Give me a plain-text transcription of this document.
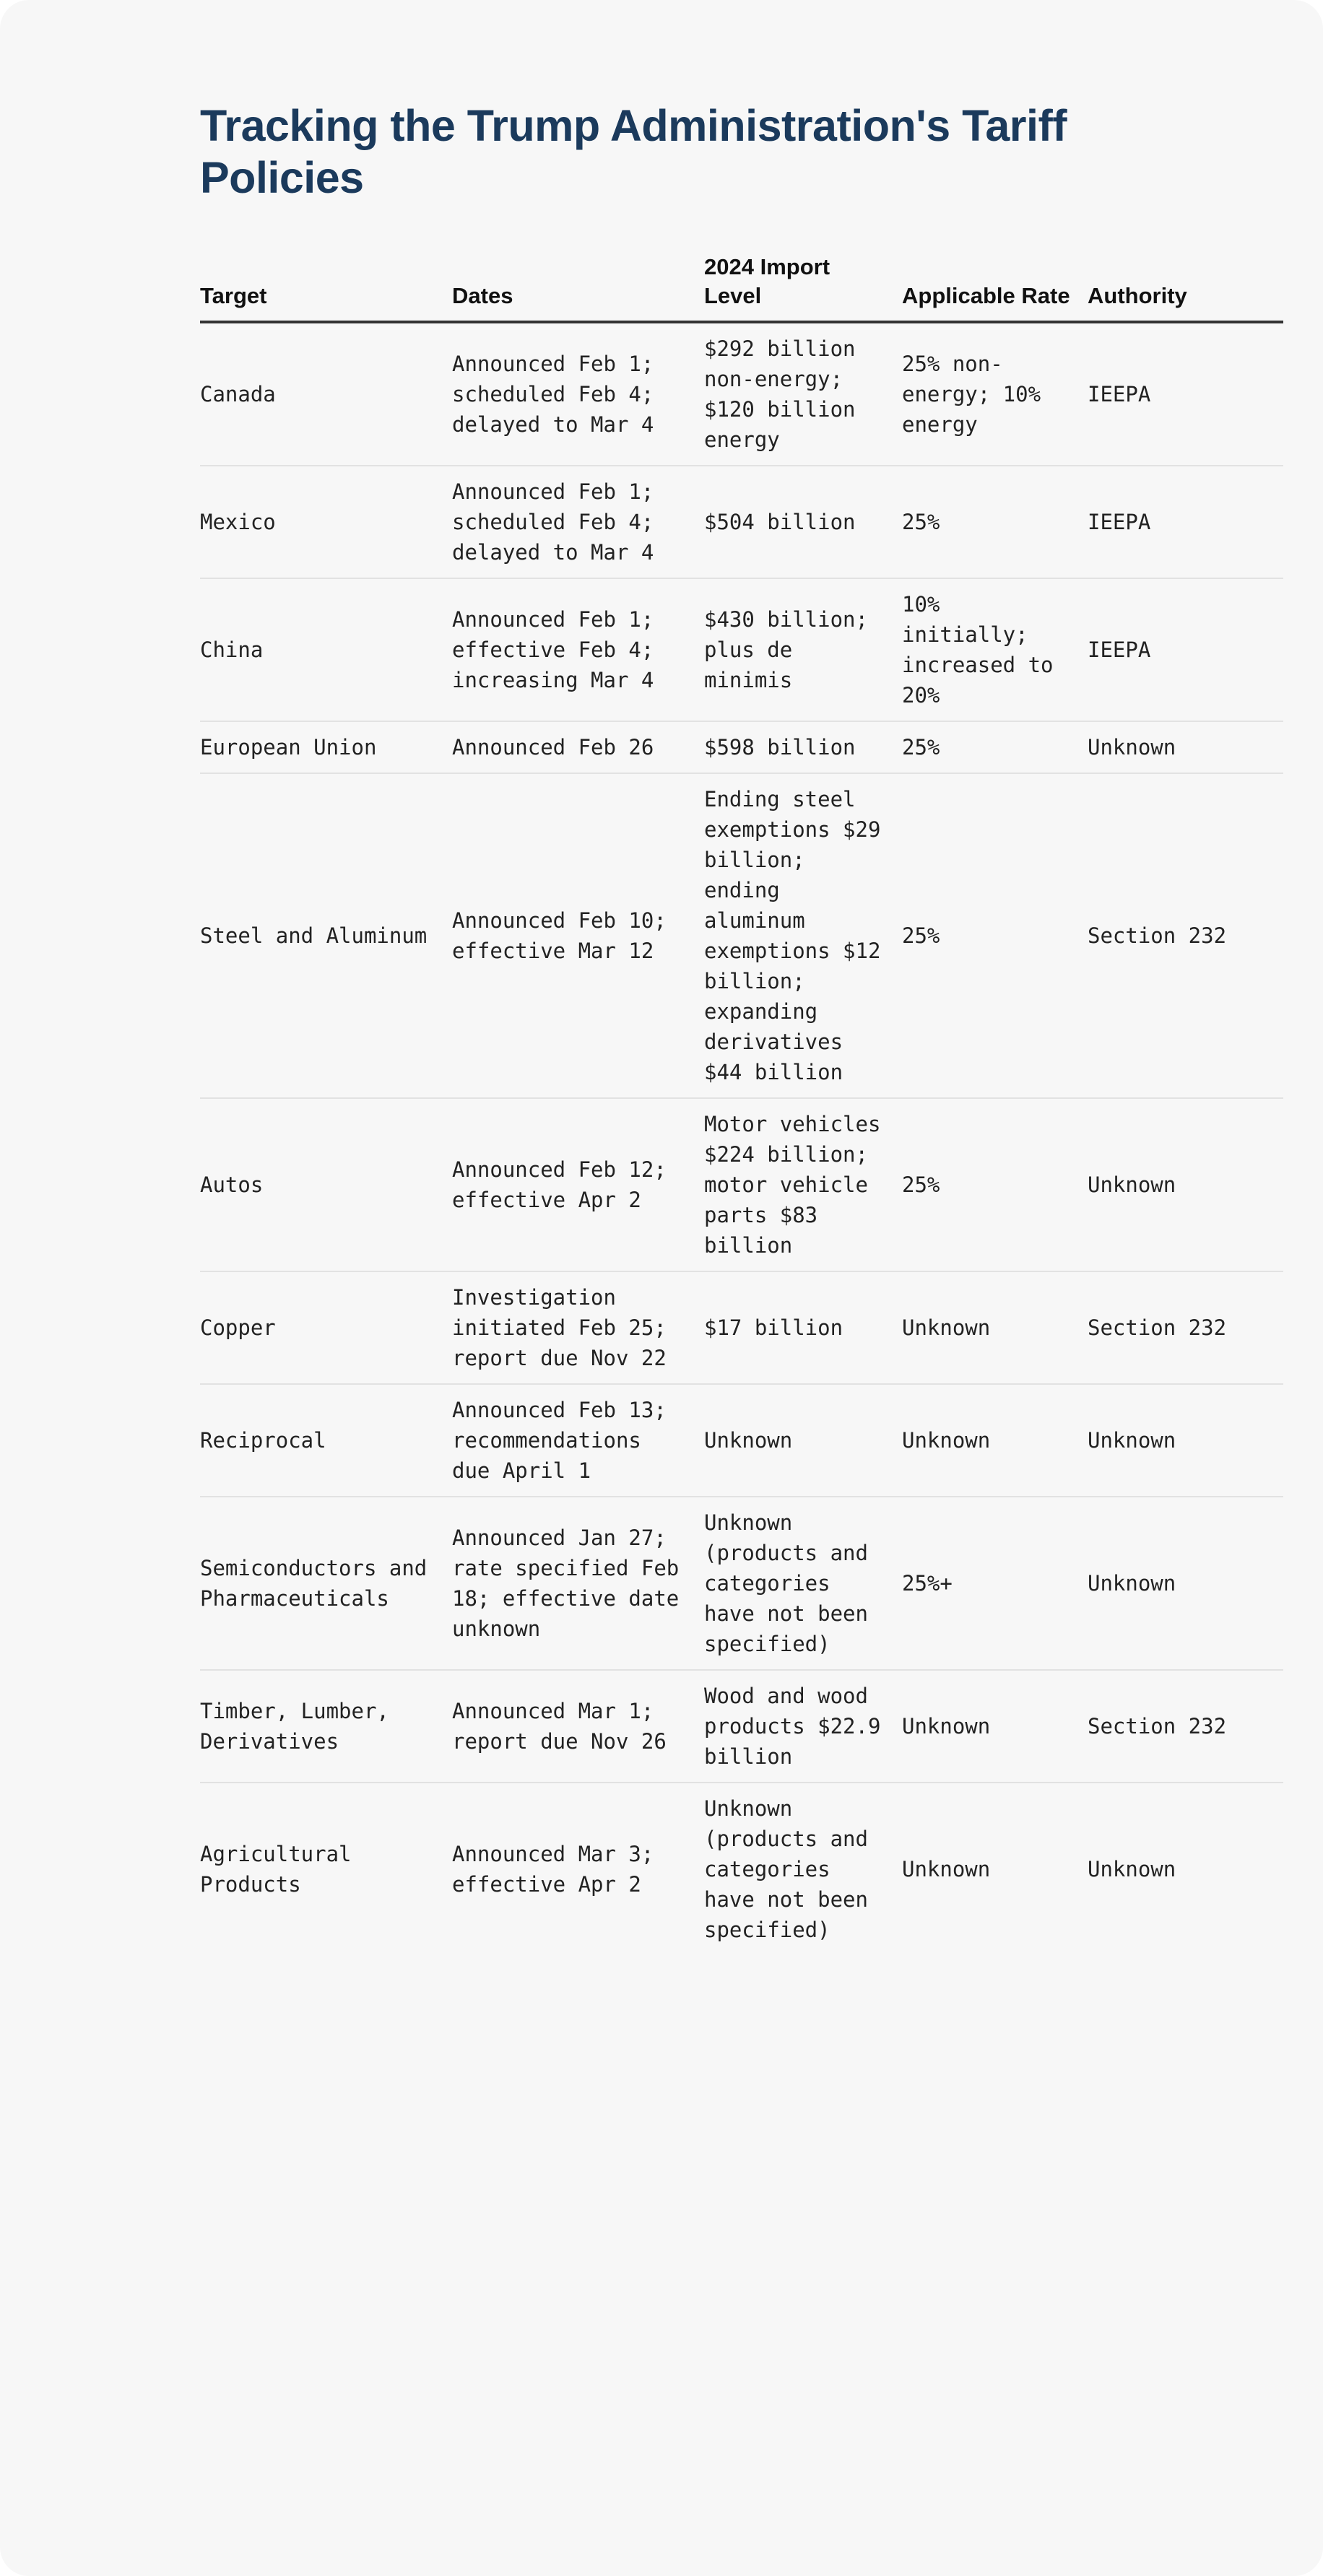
Tracking the Trump Administration's Tariff Policies
Target	Dates	2024 Import Level	Applicable Rate	Authority
Canada	Announced Feb 1; scheduled Feb 4; delayed to Mar 4	$292 billion non-energy; $120 billion energy	25% non-energy; 10% energy	IEEPA
Mexico	Announced Feb 1; scheduled Feb 4; delayed to Mar 4	$504 billion	25%	IEEPA
China	Announced Feb 1; effective Feb 4; increasing Mar 4	$430 billion; plus de minimis	10% initially; increased to 20%	IEEPA
European Union	Announced Feb 26	$598 billion	25%	Unknown
Steel and Aluminum	Announced Feb 10; effective Mar 12	Ending steel exemptions $29 billion; ending aluminum exemptions $12 billion; expanding derivatives $44 billion	25%	Section 232
Autos	Announced Feb 12; effective Apr 2	Motor vehicles $224 billion; motor vehicle parts $83 billion	25%	Unknown
Copper	Investigation initiated Feb 25; report due Nov 22	$17 billion	Unknown	Section 232
Reciprocal	Announced Feb 13; recommendations due April 1	Unknown	Unknown	Unknown
Semiconductors and Pharmaceuticals	Announced Jan 27; rate specified Feb 18; effective date unknown	Unknown (products and categories have not been specified)	25%+	Unknown
Timber, Lumber, Derivatives	Announced Mar 1; report due Nov 26	Wood and wood products $22.9 billion	Unknown	Section 232
Agricultural Products	Announced Mar 3; effective Apr 2	Unknown (products and categories have not been specified)	Unknown	Unknown
